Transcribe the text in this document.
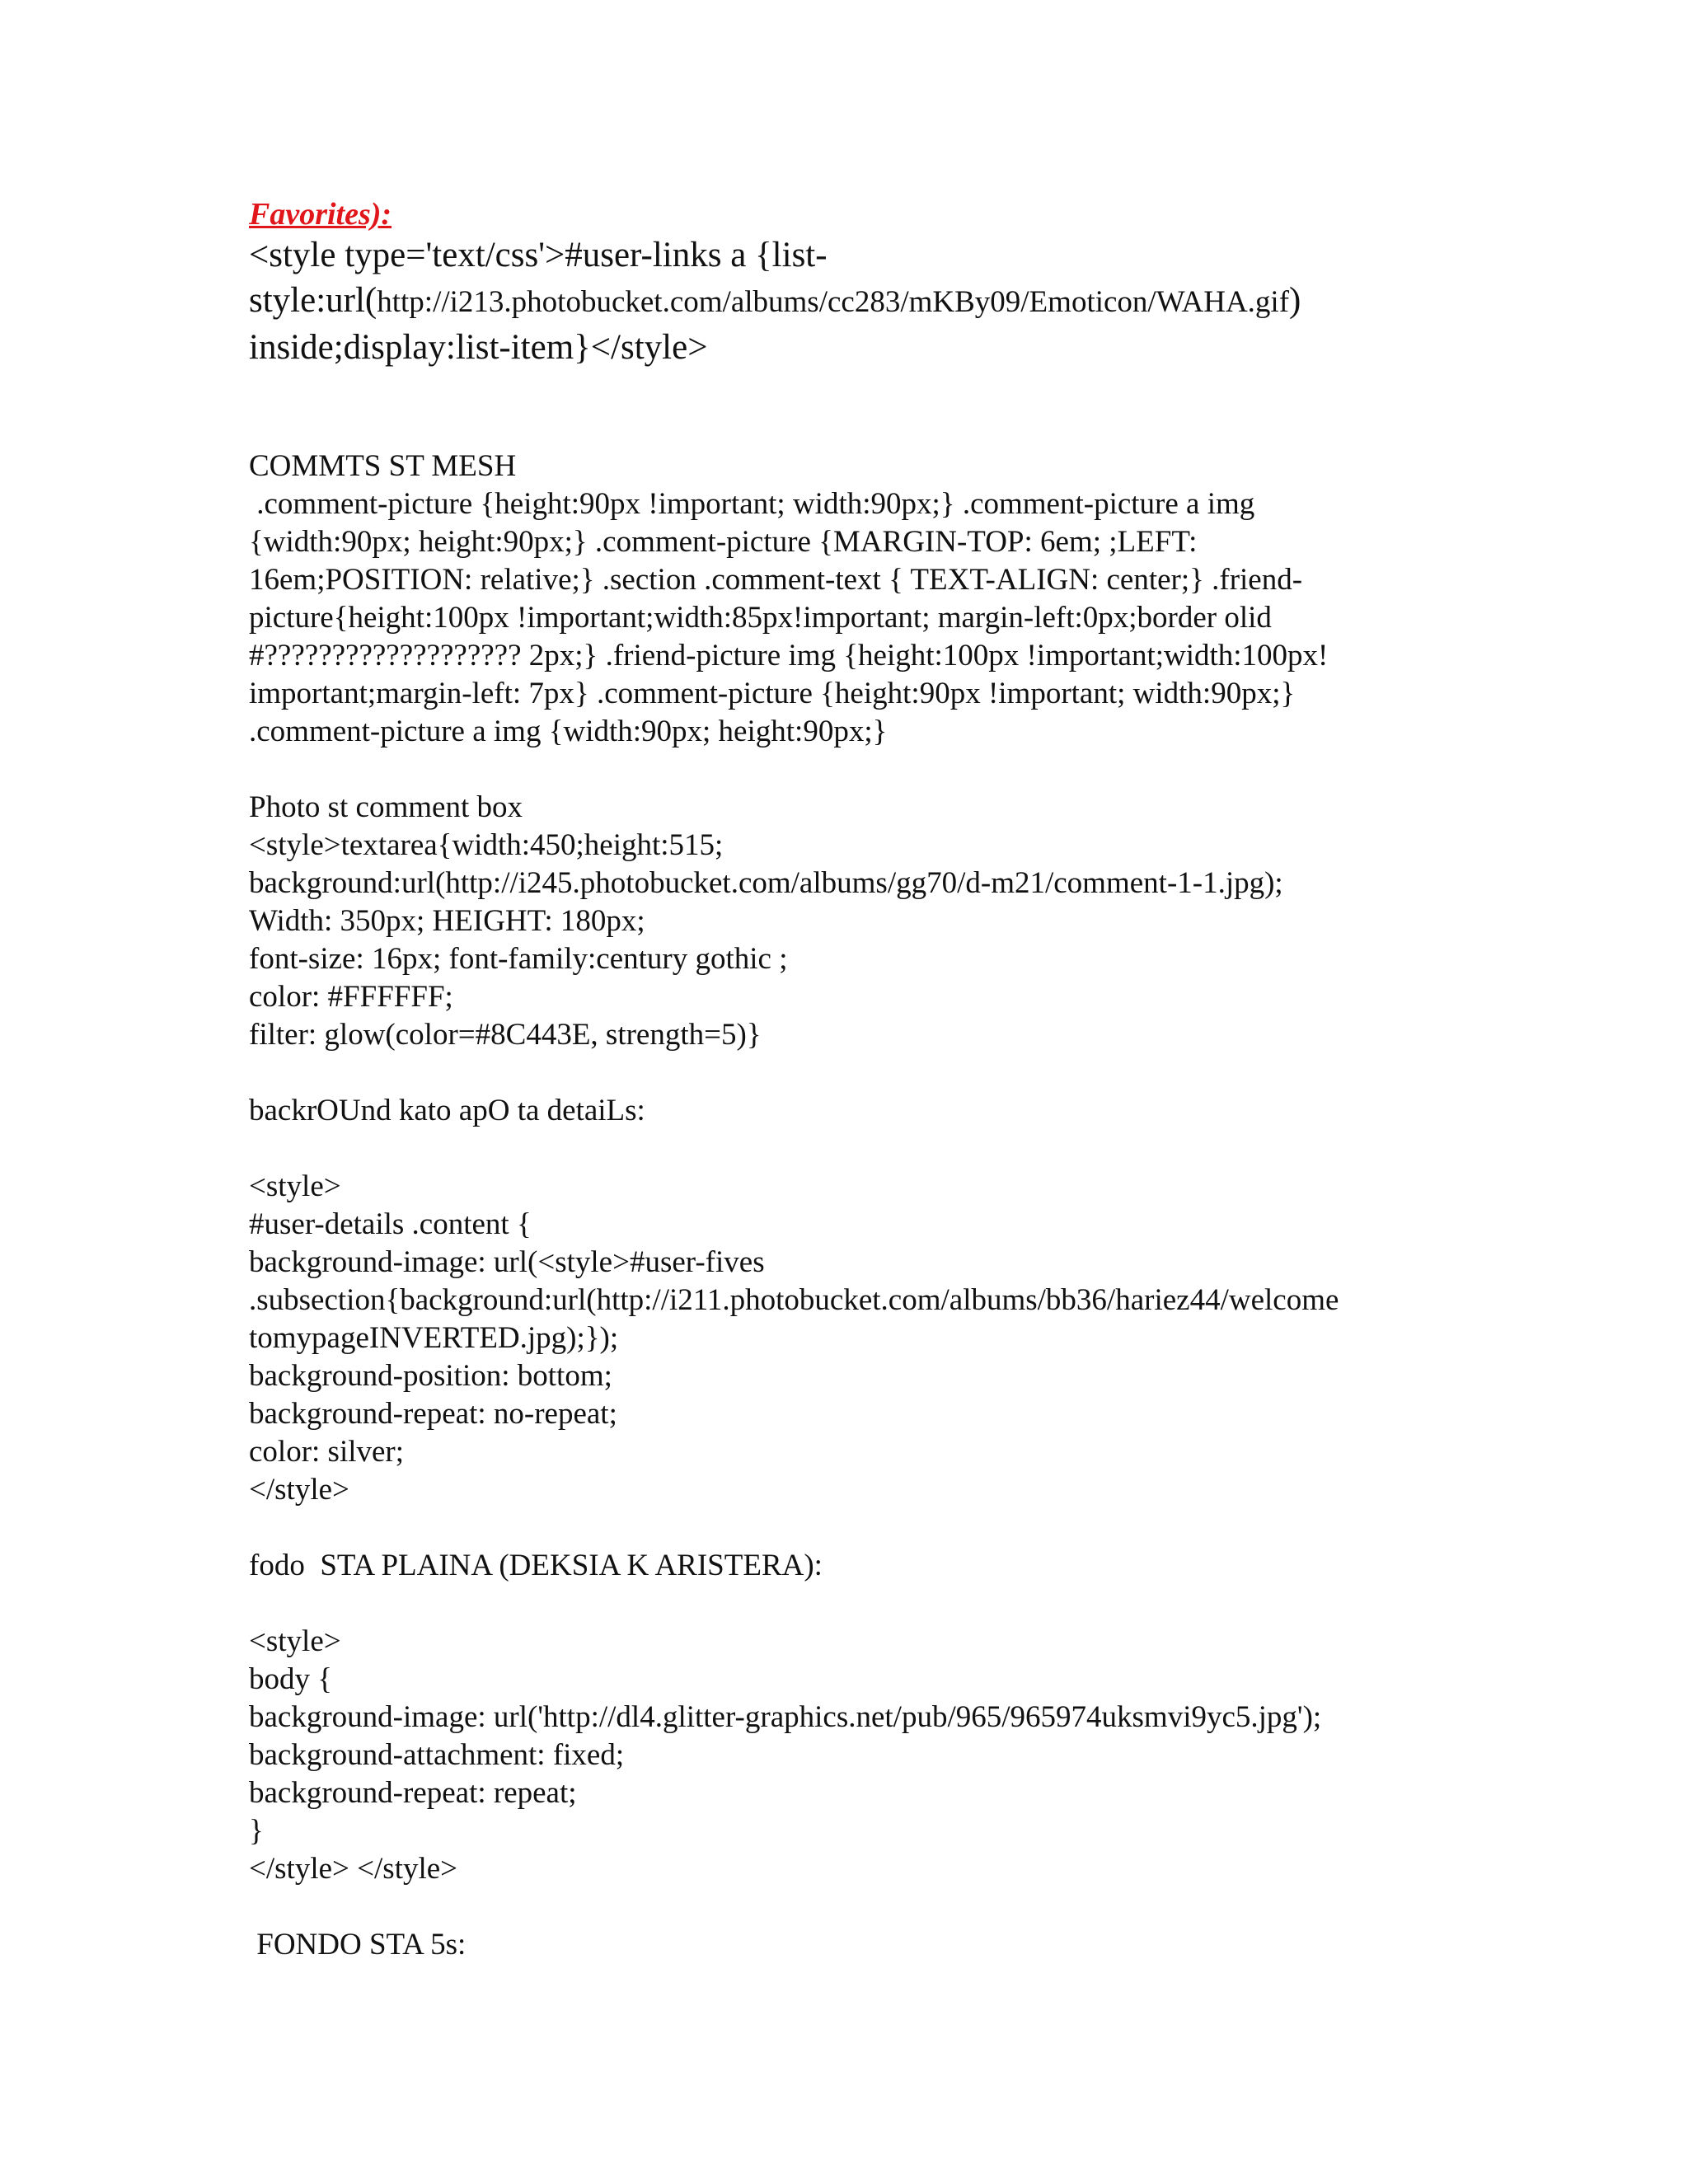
Favorites):
<style type='text/css'>#user-links a {list-
style:url(http://i213.photobucket.com/albums/cc283/mKBy09/Emoticon/WAHA.gif)
inside;display:list-item}</style>
COMMTS ST MESH
.comment-picture {height:90px !important; width:90px;} .comment-picture a img
{width:90px; height:90px;} .comment-picture {MARGIN-TOP: 6em; ;LEFT:
16em;POSITION: relative;} .section .comment-text { TEXT-ALIGN: center;} .friend-
picture{height:100px !important;width:85px!important; margin-left:0px;border olid
#??????????????????? 2px;} .friend-picture img {height:100px !important;width:100px!
important;margin-left: 7px} .comment-picture {height:90px !important; width:90px;}
.comment-picture a img {width:90px; height:90px;}
Photo st comment box
<style>textarea{width:450;height:515;
background:url(http://i245.photobucket.com/albums/gg70/d-m21/comment-1-1.jpg);
Width: 350px; HEIGHT: 180px;
font-size: 16px; font-family:century gothic ;
color: #FFFFFF;
filter: glow(color=#8C443E, strength=5)}
backrOUnd kato apO ta detaiLs:
<style>
#user-details .content {
background-image: url(<style>#user-fives
.subsection{background:url(http://i211.photobucket.com/albums/bb36/hariez44/welcome
tomypageINVERTED.jpg);});
background-position: bottom;
background-repeat: no-repeat;
color: silver;
</style>
fodo  STA PLAINA (DEKSIA K ARISTERA):
<style>
body {
background-image: url('http://dl4.glitter-graphics.net/pub/965/965974uksmvi9yc5.jpg');
background-attachment: fixed;
background-repeat: repeat;
}
</style> </style>
FONDO STA 5s:
